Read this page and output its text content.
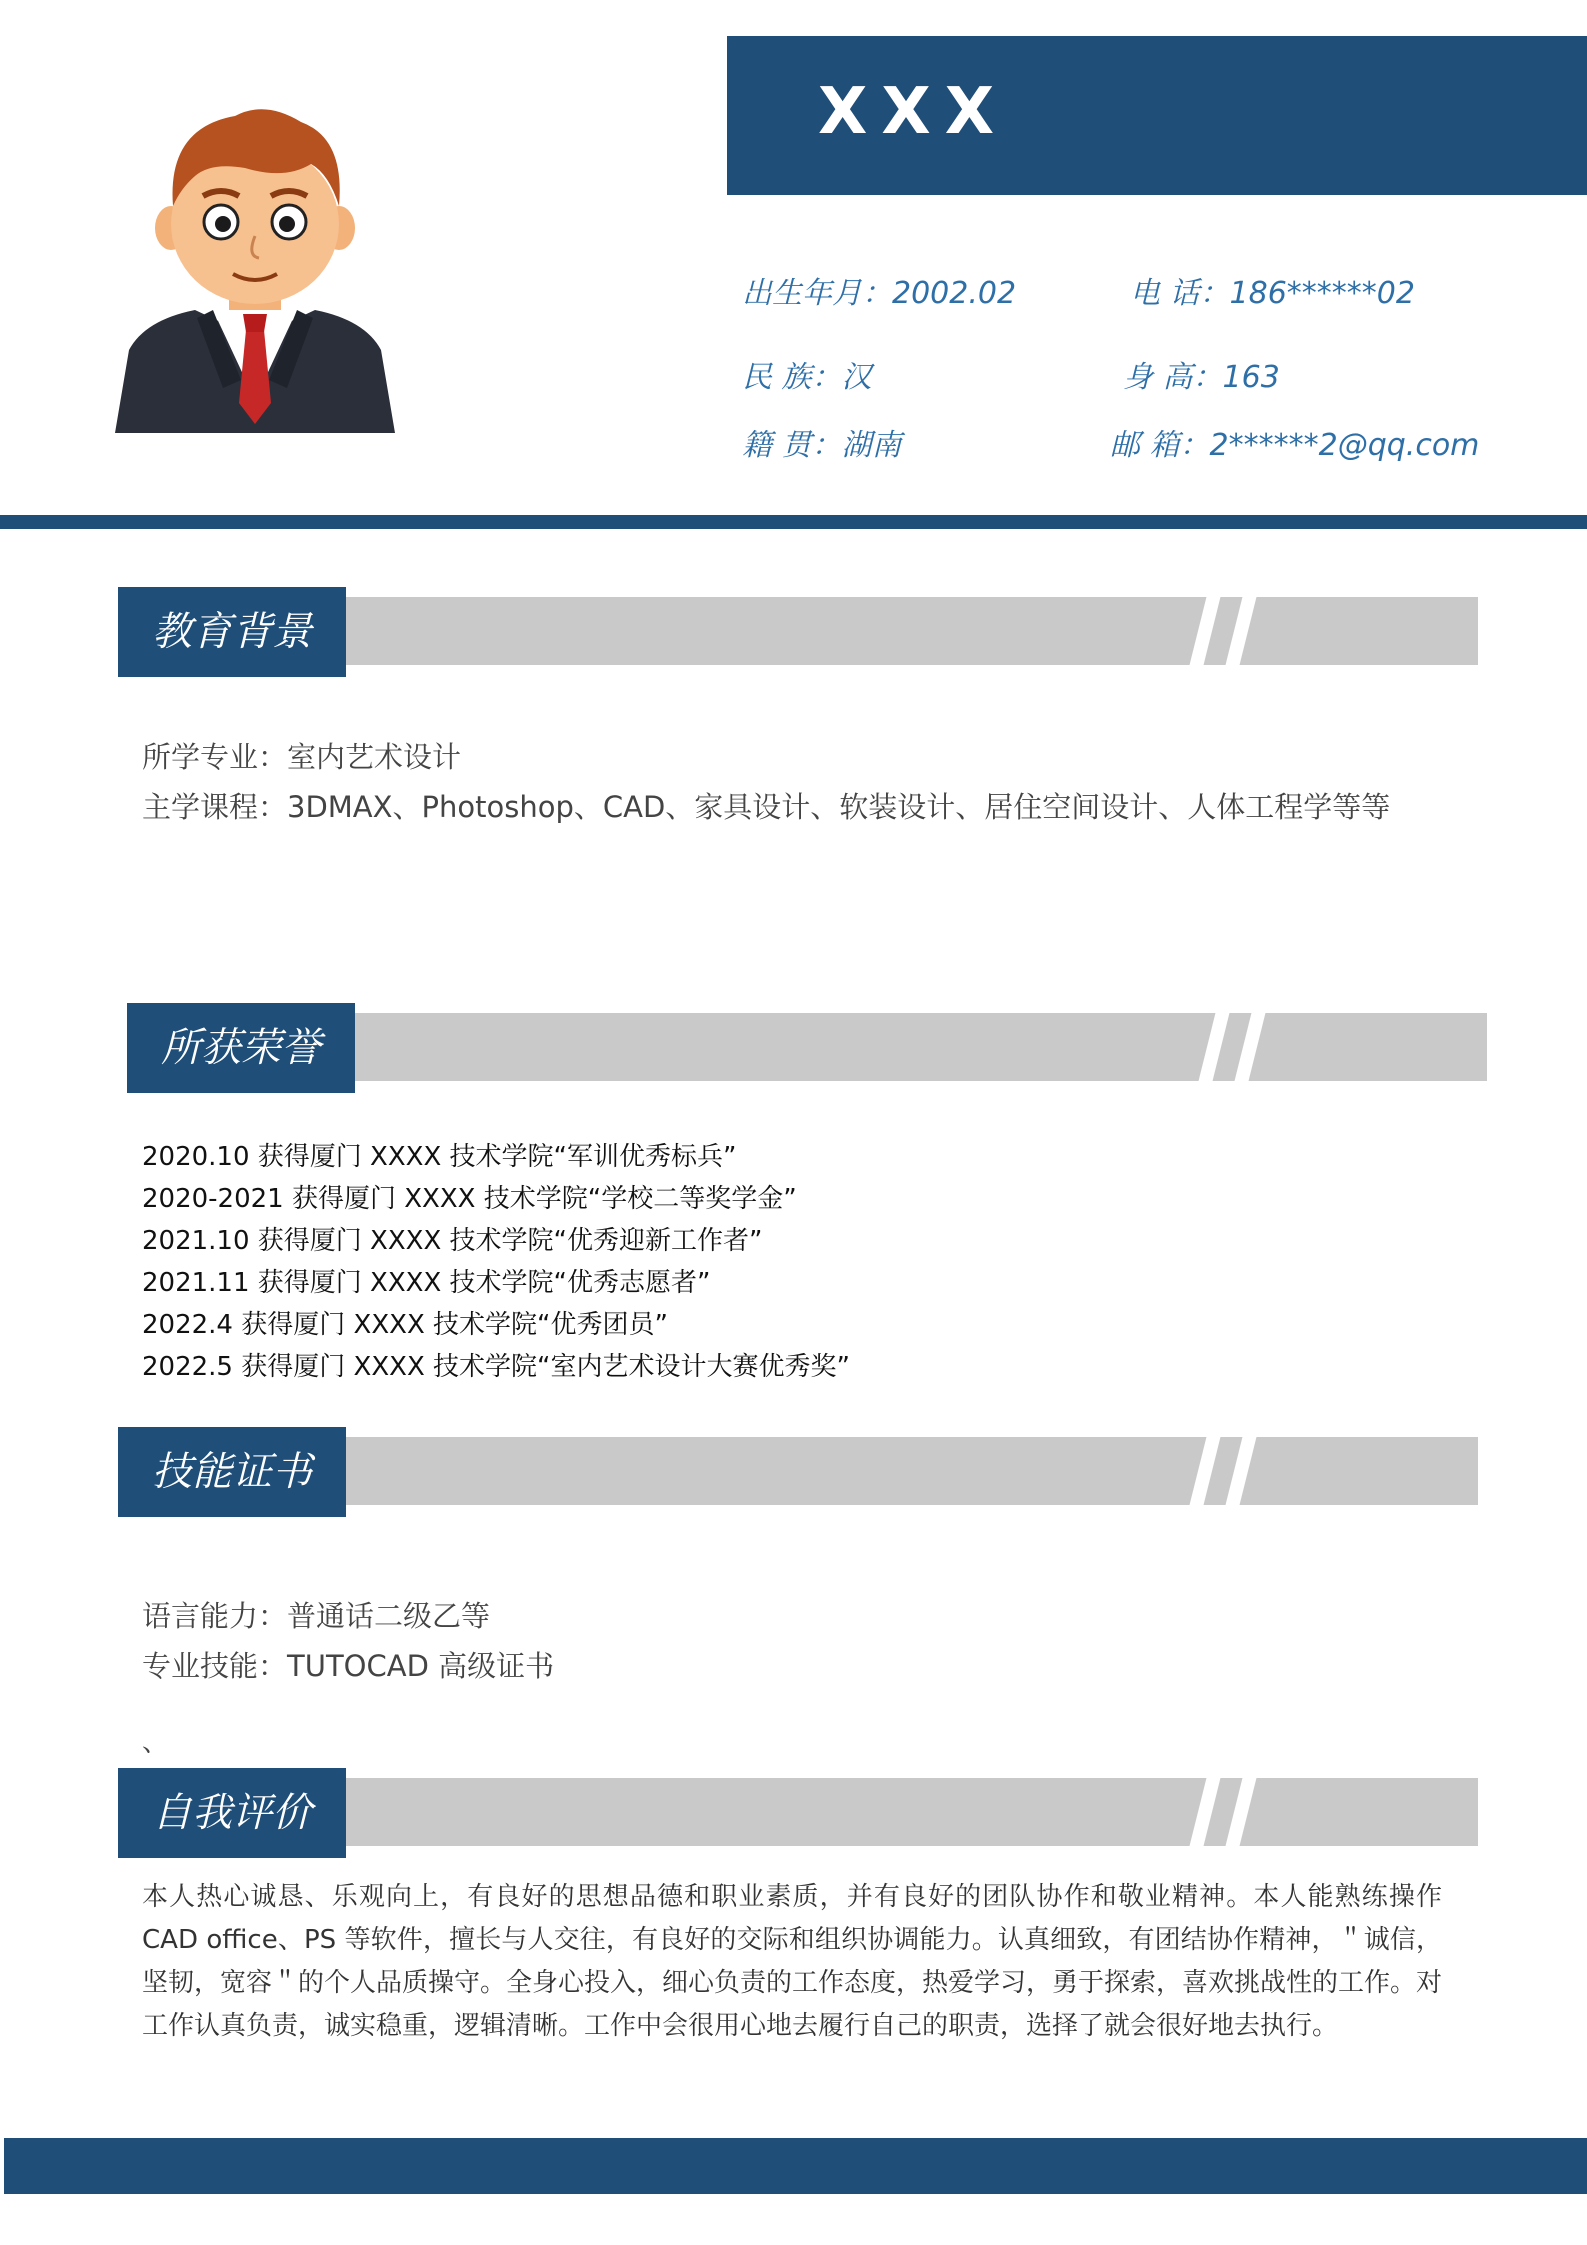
XXX
出生年月：2002.02	电 话：186******02
民 族：汉	身 高：163
籍 贯：湖南	邮 箱：2******2@qq.com
教育背景
所学专业：室内艺术设计
主学课程：3DMAX、Photoshop、CAD、家具设计、软装设计、居住空间设计、人体工程学等等
所获荣誉
2020.10 获得厦门 XXXX 技术学院“军训优秀标兵”
2020-2021 获得厦门 XXXX 技术学院“学校二等奖学金”
2021.10 获得厦门 XXXX 技术学院“优秀迎新工作者”
2021.11 获得厦门 XXXX 技术学院“优秀志愿者”
2022.4 获得厦门 XXXX 技术学院“优秀团员”
2022.5 获得厦门 XXXX 技术学院“室内艺术设计大赛优秀奖”
技能证书
语言能力：普通话二级乙等
专业技能：TUTOCAD 高级证书
、
自我评价
本人热心诚恳、乐观向上，有良好的思想品德和职业素质，并有良好的团队协作和敬业精神。本人能熟练操作 CAD office、PS 等软件，擅长与人交往，有良好的交际和组织协调能力。认真细致，有团结协作精神，＂诚信，坚韧，宽容＂的个人品质操守。全身心投入，细心负责的工作态度，热爱学习，勇于探索，喜欢挑战性的工作。对工作认真负责，诚实稳重，逻辑清晰。工作中会很用心地去履行自己的职责，选择了就会很好地去执行。
